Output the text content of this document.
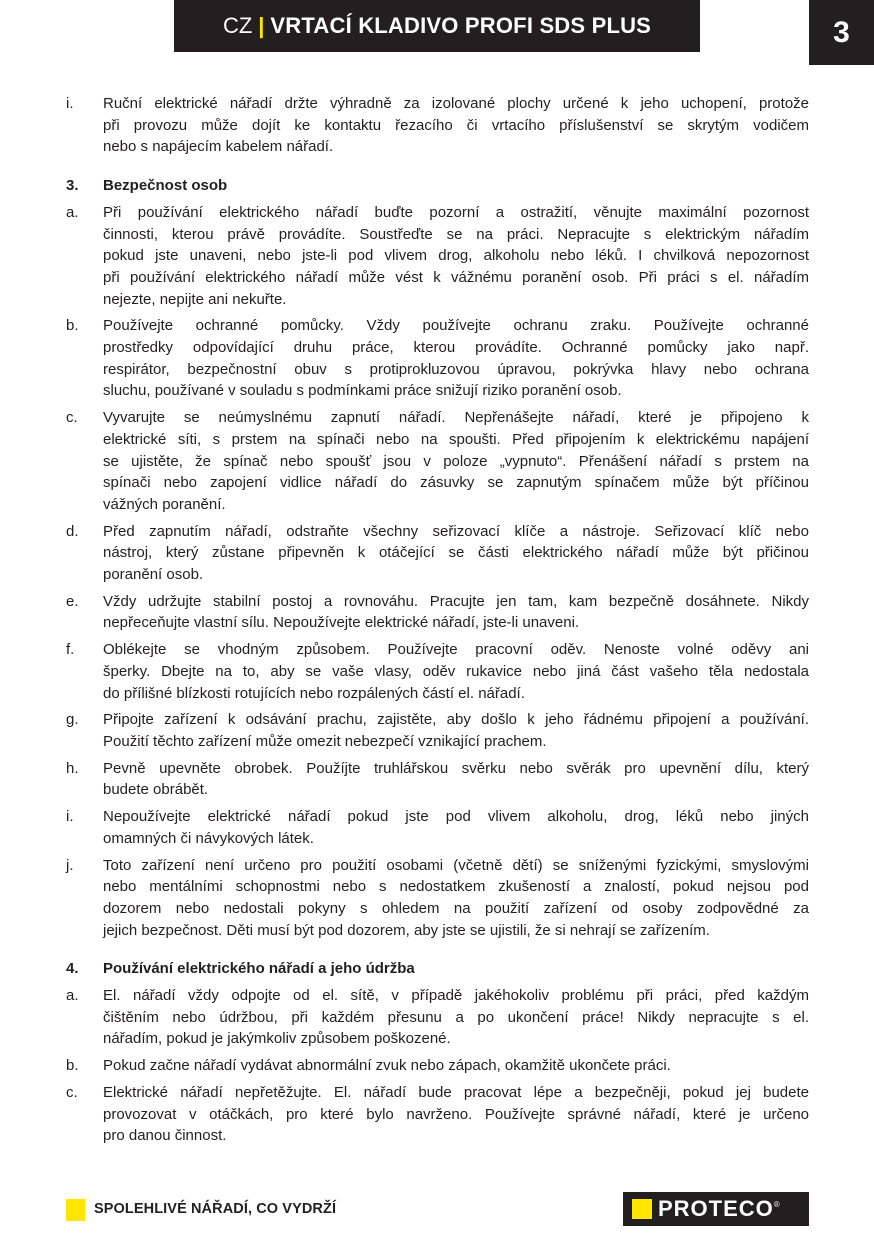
CZ | VRTACÍ KLADIVO PROFI SDS PLUS	3
i.	Ruční elektrické nářadí držte výhradně za izolované plochy určené k jeho uchopení, protože
při provozu může dojít ke kontaktu řezacího či vrtacího příslušenství se skrytým vodičem
nebo s napájecím kabelem nářadí.
3.	Bezpečnost osob
a.	Při používání elektrického nářadí buďte pozorní a ostražití, věnujte maximální pozornost
činnosti, kterou právě provádíte. Soustřeďte se na práci. Nepracujte s elektrickým nářadím
pokud jste unaveni, nebo jste-li pod vlivem drog, alkoholu nebo léků. I chvilková nepozornost
při používání elektrického nářadí může vést k vážnému poranění osob. Při práci s el. nářadím
nejezte, nepijte ani nekuřte.
b.	Používejte ochranné pomůcky. Vždy používejte ochranu zraku. Používejte ochranné
prostředky odpovídající druhu práce, kterou provádíte. Ochranné pomůcky jako např.
respirátor, bezpečnostní obuv s protiprokluzovou úpravou, pokrývka hlavy nebo ochrana
sluchu, používané v souladu s podmínkami práce snižují riziko poranění osob.
c.	Vyvarujte se neúmyslnému zapnutí nářadí. Nepřenášejte nářadí, které je připojeno k
elektrické síti, s prstem na spínači nebo na spoušti. Před připojením k elektrickému napájení
se ujistěte, že spínač nebo spoušť jsou v poloze „vypnuto“. Přenášení nářadí s prstem na
spínači nebo zapojení vidlice nářadí do zásuvky se zapnutým spínačem může být příčinou
vážných poranění.
d.	Před zapnutím nářadí, odstraňte všechny seřizovací klíče a nástroje. Seřizovací klíč nebo
nástroj, který zůstane připevněn k otáčející se části elektrického nářadí může být přičinou
poranění osob.
e.	Vždy udržujte stabilní postoj a rovnováhu. Pracujte jen tam, kam bezpečně dosáhnete. Nikdy
nepřeceňujte vlastní sílu. Nepoužívejte elektrické nářadí, jste-li unaveni.
f.	Oblékejte se vhodným způsobem. Používejte pracovní oděv. Nenoste volné oděvy ani
šperky. Dbejte na to, aby se vaše vlasy, oděv rukavice nebo jiná část vašeho těla nedostala
do přílišné blízkosti rotujících nebo rozpálených částí el. nářadí.
g.	Připojte zařízení k odsávání prachu, zajistěte, aby došlo k jeho řádnému připojení a používání.
Použití těchto zařízení může omezit nebezpečí vznikající prachem.
h.	Pevně upevněte obrobek. Použíjte truhlářskou svěrku nebo svěrák pro upevnění dílu, který
budete obrábět.
i.	Nepoužívejte elektrické nářadí pokud jste pod vlivem alkoholu, drog, léků nebo jiných
omamných či návykových látek.
j.	Toto zařízení není určeno pro použití osobami (včetně dětí) se sníženými fyzickými, smyslovými
nebo mentálními schopnostmi nebo s nedostatkem zkušeností a znalostí, pokud nejsou pod
dozorem nebo nedostali pokyny s ohledem na použití zařízení od osoby zodpovědné za
jejich bezpečnost. Děti musí být pod dozorem, aby jste se ujistili, že si nehrají se zařízením.
4.	Používání elektrického nářadí a jeho údržba
a.	El. nářadí vždy odpojte od el. sítě, v případě jakéhokoliv problému při práci, před každým
čištěním nebo údržbou, při každém přesunu a po ukončení práce! Nikdy nepracujte s el.
nářadím, pokud je jakýmkoliv způsobem poškozené.
b.	Pokud začne nářadí vydávat abnormální zvuk nebo zápach, okamžitě ukončete práci.
c.	Elektrické nářadí nepřetěžujte. El. nářadí bude pracovat lépe a bezpečněji, pokud jej budete
provozovat v otáčkách, pro které bylo navrženo. Používejte správné nářadí, které je určeno
pro danou činnost.
SPOLEHLIVÉ NÁŘADÍ, CO VYDRŽÍ	PROTECO ®
